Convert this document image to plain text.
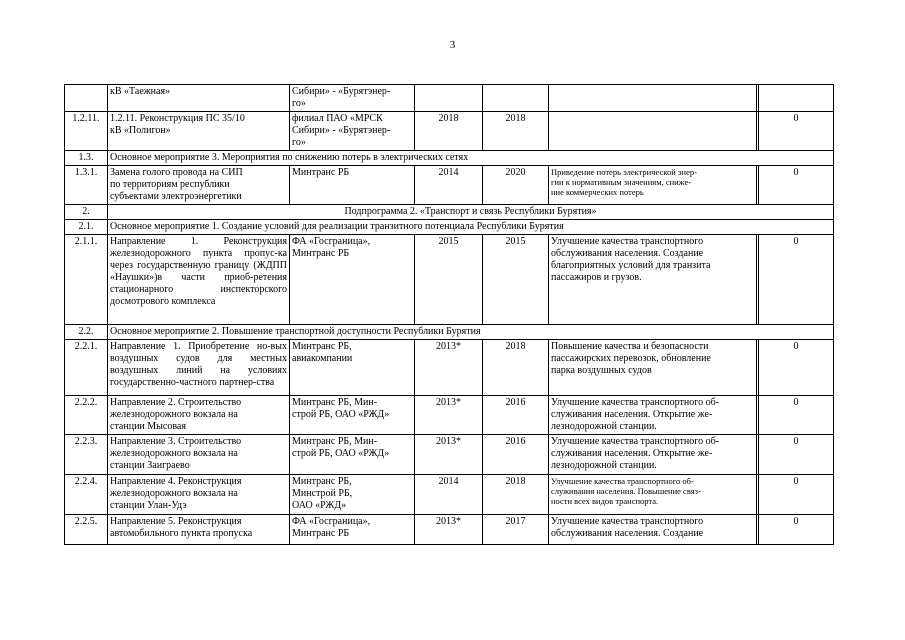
3
	кВ «Таежная»	Сибири» - «Бурятэнер-
го»					
1.2.11.	1.2.11. Реконструкция ПС 35/10
кВ «Полигон»	филиал ПАО «МРСК
Сибири» - «Бурятэнер-
го»	2018	2018			0
1.3.	Основное мероприятие 3. Мероприятия по снижению потерь в электрических сетях						
1.3.1.	Замена голого провода на СИП
по территориям республики
субъектами электроэнергетики	Минтранс РБ	2014	2020	Приведение потерь электрической энер-
гии к нормативным значениям, сниже-
ние коммерческих потерь		0
2.	Подпрограмма 2. «Транспорт и связь Республики Бурятия»						
2.1.	Основное мероприятие 1. Создание условий для реализации транзитного потенциала Республики Бурятия						
2.1.1.	Направление 1. Реконструкция железнодорожного пункта пропус-ка через государственную границу (ЖДПП «Наушки»)в части приоб-ретения стационарного инспекторского досмотрового комплекса	ФА «Госграница»,
Минтранс РБ	2015	2015	Улучшение качества транспортного
обслуживания населения. Создание
благоприятных условий для транзита
пассажиров и грузов.		0
2.2.	Основное мероприятие 2. Повышение транспортной доступности Республики Бурятия						
2.2.1.	Направление 1. Приобретение но-вых воздушных судов для местных воздушных линий на условиях государственно-частного партнер-ства	Минтранс РБ,
авиакомпании	2013*	2018	Повышение качества и безопасности
пассажирских перевозок, обновление
парка воздушных судов		0
2.2.2.	Направление 2. Строительство
железнодорожного вокзала на
станции Мысовая	Минтранс РБ, Мин-
строй РБ, ОАО «РЖД»	2013*	2016	Улучшение качества транспортного об-
служивания населения. Открытие же-
лезнодорожной станции.		0
2.2.3.	Направление 3. Строительство
железнодорожного вокзала на
станции Заиграево	Минтранс РБ, Мин-
строй РБ, ОАО «РЖД»	2013*	2016	Улучшение качества транспортного об-
служивания населения. Открытие же-
лезнодорожной станции.		0
2.2.4.	Направление 4. Реконструкция
железнодорожного вокзала на
станции Улан-Удэ	Минтранс РБ,
Минстрой РБ,
ОАО «РЖД»	2014	2018	Улучшение качества транспортного об-
служивания населения. Повышение связ-
ности всех видов транспорта.		0
2.2.5.	Направление 5. Реконструкция
автомобильного пункта пропуска	ФА «Госграница»,
Минтранс РБ	2013*	2017	Улучшение качества транспортного
обслуживания населения. Создание		0
